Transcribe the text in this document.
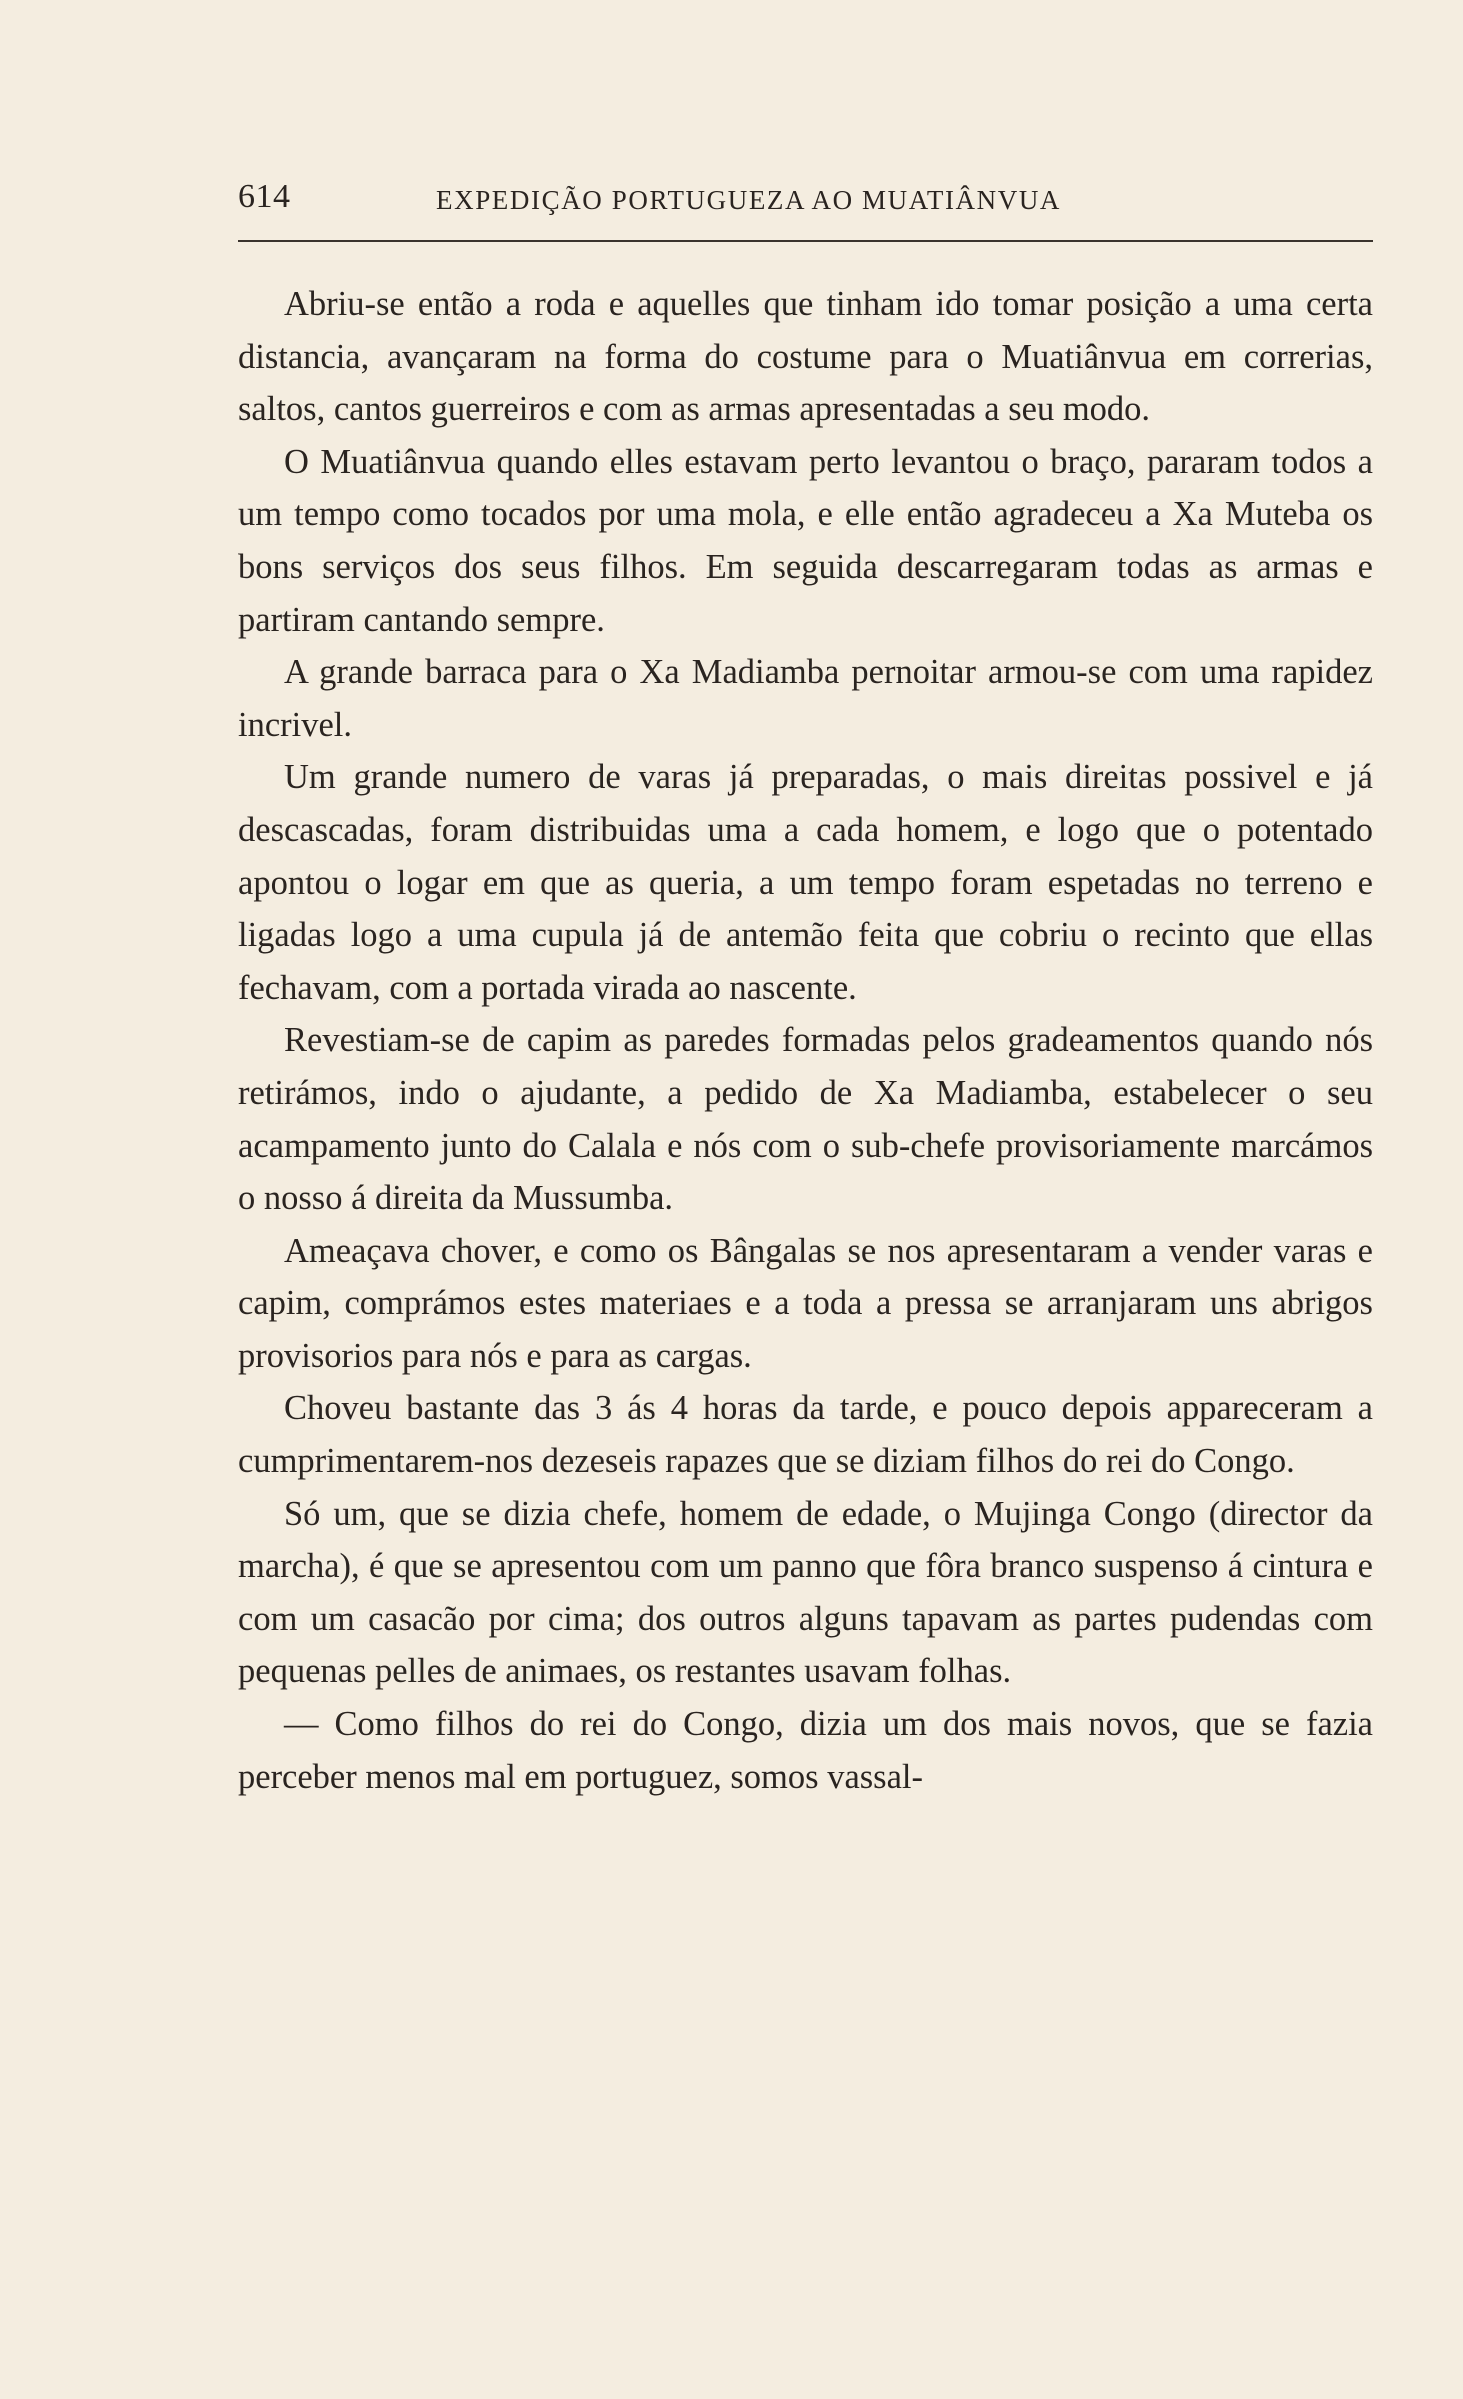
614	EXPEDIÇÃO PORTUGUEZA AO MUATIÂNVUA

Abriu-se então a roda e aquelles que tinham ido tomar posição a uma certa distancia, avançaram na forma do costume para o Muatiânvua em correrias, saltos, cantos guerreiros e com as armas apresentadas a seu modo.

O Muatiânvua quando elles estavam perto levantou o braço, pararam todos a um tempo como tocados por uma mola, e elle então agradeceu a Xa Muteba os bons serviços dos seus filhos. Em seguida descarregaram todas as armas e partiram cantando sempre.

A grande barraca para o Xa Madiamba pernoitar armou-se com uma rapidez incrivel.

Um grande numero de varas já preparadas, o mais direitas possivel e já descascadas, foram distribuidas uma a cada homem, e logo que o potentado apontou o logar em que as queria, a um tempo foram espetadas no terreno e ligadas logo a uma cupula já de antemão feita que cobriu o recinto que ellas fechavam, com a portada virada ao nascente.

Revestiam-se de capim as paredes formadas pelos gradeamentos quando nós retirámos, indo o ajudante, a pedido de Xa Madiamba, estabelecer o seu acampamento junto do Calala e nós com o sub-chefe provisoriamente marcámos o nosso á direita da Mussumba.

Ameaçava chover, e como os Bângalas se nos apresentaram a vender varas e capim, comprámos estes materiaes e a toda a pressa se arranjaram uns abrigos provisorios para nós e para as cargas.

Choveu bastante das 3 ás 4 horas da tarde, e pouco depois appareceram a cumprimentarem-nos dezeseis rapazes que se diziam filhos do rei do Congo.

Só um, que se dizia chefe, homem de edade, o Mujinga Congo (director da marcha), é que se apresentou com um panno que fôra branco suspenso á cintura e com um casacão por cima; dos outros alguns tapavam as partes pudendas com pequenas pelles de animaes, os restantes usavam folhas.

— Como filhos do rei do Congo, dizia um dos mais novos, que se fazia perceber menos mal em portuguez, somos vassal-
